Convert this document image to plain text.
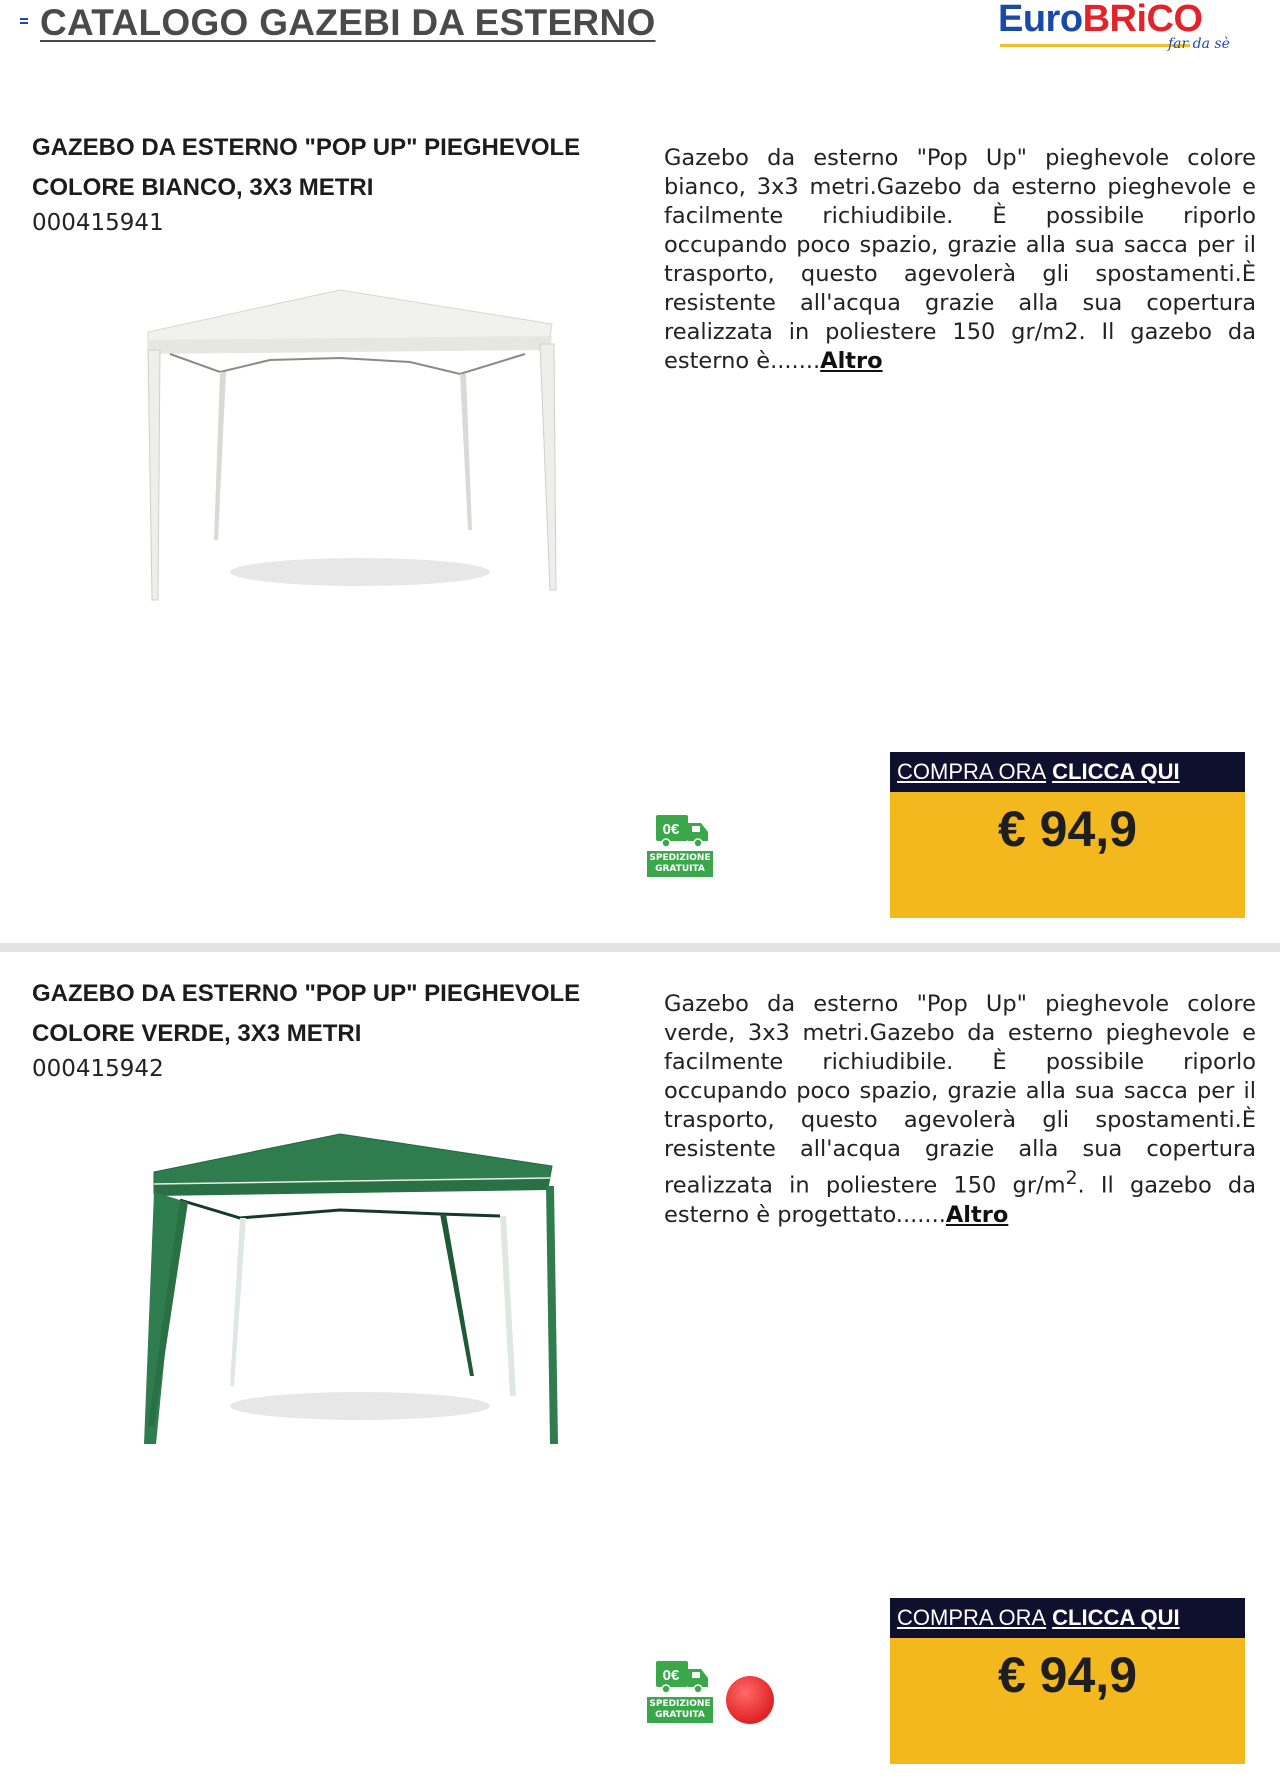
CATALOGO GAZEBI DA ESTERNO	EuroBRiCO
far da sè
GAZEBO DA ESTERNO "POP UP" PIEGHEVOLE COLORE BIANCO, 3X3 METRI
000415941

Gazebo da esterno "Pop Up" pieghevole colore bianco, 3x3 metri.Gazebo da esterno pieghevole e facilmente richiudibile. È possibile riporlo occupando poco spazio, grazie alla sua sacca per il trasporto, questo agevolerà gli spostamenti.È resistente all'acqua grazie alla sua copertura realizzata in poliestere 150 gr/m2. Il gazebo da esterno è.......Altro

0€
SPEDIZIONE GRATUITA
COMPRA ORA CLICCA QUI
€ 94,9
GAZEBO DA ESTERNO "POP UP" PIEGHEVOLE COLORE VERDE, 3X3 METRI
000415942

Gazebo da esterno "Pop Up" pieghevole colore verde, 3x3 metri.Gazebo da esterno pieghevole e facilmente richiudibile. È possibile riporlo occupando poco spazio, grazie alla sua sacca per il trasporto, questo agevolerà gli spostamenti.È resistente all'acqua grazie alla sua copertura realizzata in poliestere 150 $gr/m^2$. Il gazebo da esterno è progettato.......Altro

0€
SPEDIZIONE GRATUITA
COMPRA ORA CLICCA QUI
€ 94,9
